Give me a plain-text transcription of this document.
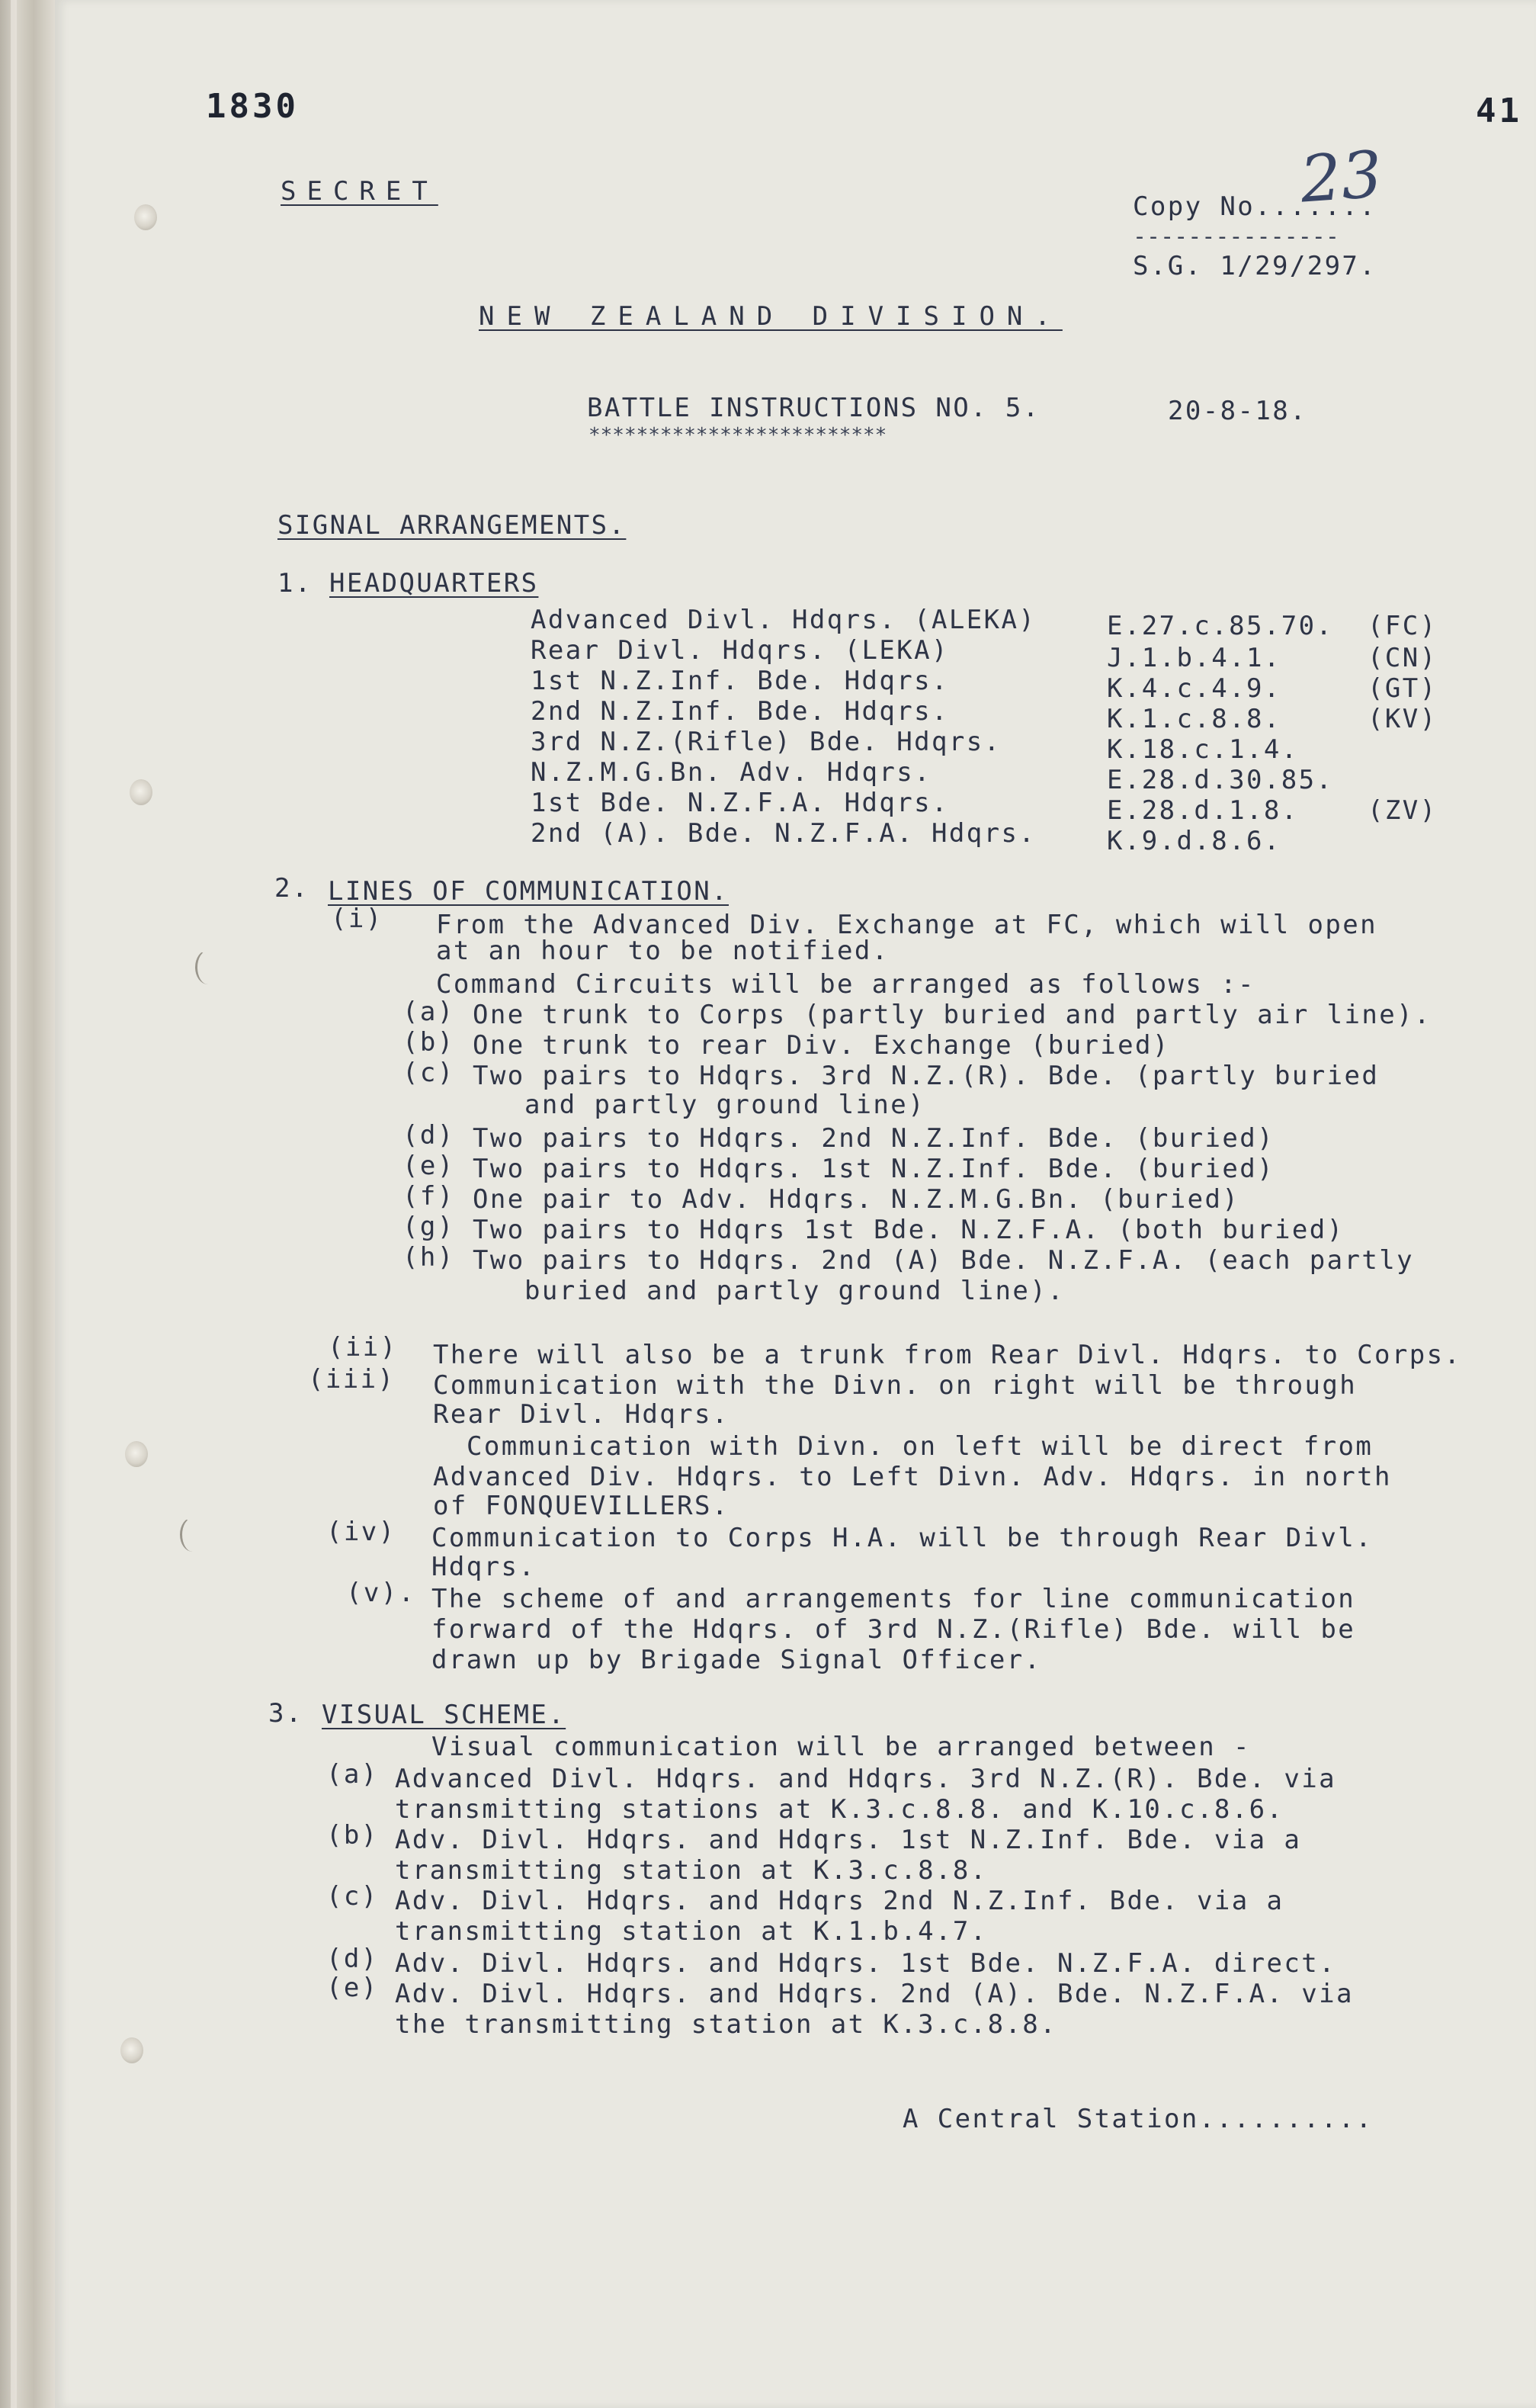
1830	41
SECRET	Copy No.......
23
---------------
S.G. 1/29/297.
NEW ZEALAND DIVISION.
BATTLE INSTRUCTIONS NO. 5.
*************************
20-8-18.
SIGNAL ARRANGEMENTS.
1. HEADQUARTERS
Advanced Divl. Hdqrs. (ALEKA)	E.27.c.85.70. (FC)
Rear Divl. Hdqrs. (LEKA)	J.1.b.4.1.	(CN)
1st N.Z.Inf. Bde. Hdqrs.	K.4.c.4.9.	(GT)
2nd N.Z.Inf. Bde. Hdqrs.	K.1.c.8.8.	(KV)
3rd N.Z.(Rifle) Bde. Hdqrs.	K.18.c.1.4.
N.Z.M.G.Bn. Adv. Hdqrs.	E.28.d.30.85.
1st Bde. N.Z.F.A. Hdqrs.	E.28.d.1.8.	(ZV)
2nd (A). Bde. N.Z.F.A. Hdqrs.	K.9.d.8.6.
2. LINES OF COMMUNICATION.
(i) From the Advanced Div. Exchange at FC, which will open
at an hour to be notified.
Command Circuits will be arranged as follows :-
(a) One trunk to Corps (partly buried and partly air line).
(b) One trunk to rear Div. Exchange (buried)
(c) Two pairs to Hdqrs. 3rd N.Z.(R). Bde. (partly buried
and partly ground line)
(d) Two pairs to Hdqrs. 2nd N.Z.Inf. Bde. (buried)
(e) Two pairs to Hdqrs. 1st N.Z.Inf. Bde. (buried)
(f) One pair to Adv. Hdqrs. N.Z.M.G.Bn. (buried)
(g) Two pairs to Hdqrs 1st Bde. N.Z.F.A. (both buried)
(h) Two pairs to Hdqrs. 2nd (A) Bde. N.Z.F.A. (each partly
buried and partly ground line).
(ii) There will also be a trunk from Rear Divl. Hdqrs. to Corps.
(iii) Communication with the Divn. on right will be through
Rear Divl. Hdqrs.
Communication with Divn. on left will be direct from
Advanced Div. Hdqrs. to Left Divn. Adv. Hdqrs. in north
of FONQUEVILLERS.
(iv) Communication to Corps H.A. will be through Rear Divl.
Hdqrs.
(v). The scheme of and arrangements for line communication
forward of the Hdqrs. of 3rd N.Z.(Rifle) Bde. will be
drawn up by Brigade Signal Officer.
3. VISUAL SCHEME.
Visual communication will be arranged between -
(a) Advanced Divl. Hdqrs. and Hdqrs. 3rd N.Z.(R). Bde. via
transmitting stations at K.3.c.8.8. and K.10.c.8.6.
(b) Adv. Divl. Hdqrs. and Hdqrs. 1st N.Z.Inf. Bde. via a
transmitting station at K.3.c.8.8.
(c) Adv. Divl. Hdqrs. and Hdqrs 2nd N.Z.Inf. Bde. via a
transmitting station at K.1.b.4.7.
(d) Adv. Divl. Hdqrs. and Hdqrs. 1st Bde. N.Z.F.A. direct.
(e) Adv. Divl. Hdqrs. and Hdqrs. 2nd (A). Bde. N.Z.F.A. via
the transmitting station at K.3.c.8.8.
A Central Station..........
